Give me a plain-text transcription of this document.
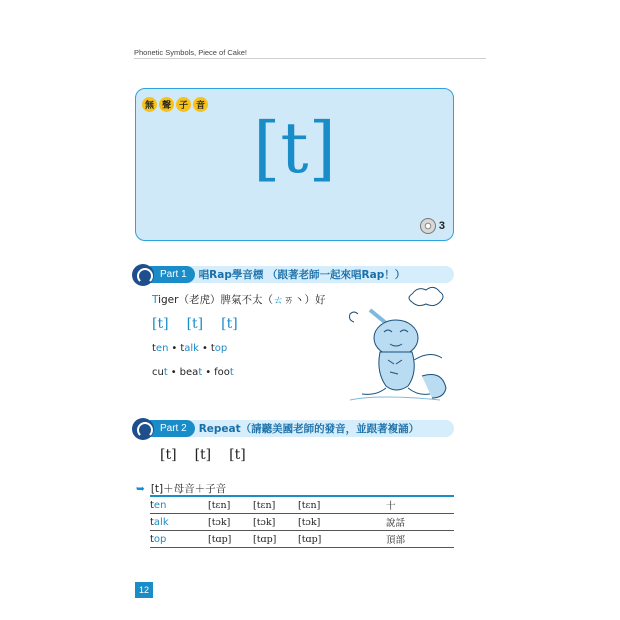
Phonetic Symbols, Piece of Cake!
無 聲 子 音
[t]
3
Part 1	唱Rap學音標 （跟著老師一起來唱Rap！）
Tiger（老虎）脾氣不太（ㄊㄞ丶）好
[t] [t] [t]
ten • talk • top
cut • beat • foot
Part 2	Repeat（請聽美國老師的發音，並跟著複誦）
[t] [t] [t]
➥ [t]＋母音＋子音
ten	[tɛn]	[tɛn]	[tɛn]	十
talk	[tɔk]	[tɔk]	[tɔk]	說話
top	[tɑp]	[tɑp]	[tɑp]	頂部
12
